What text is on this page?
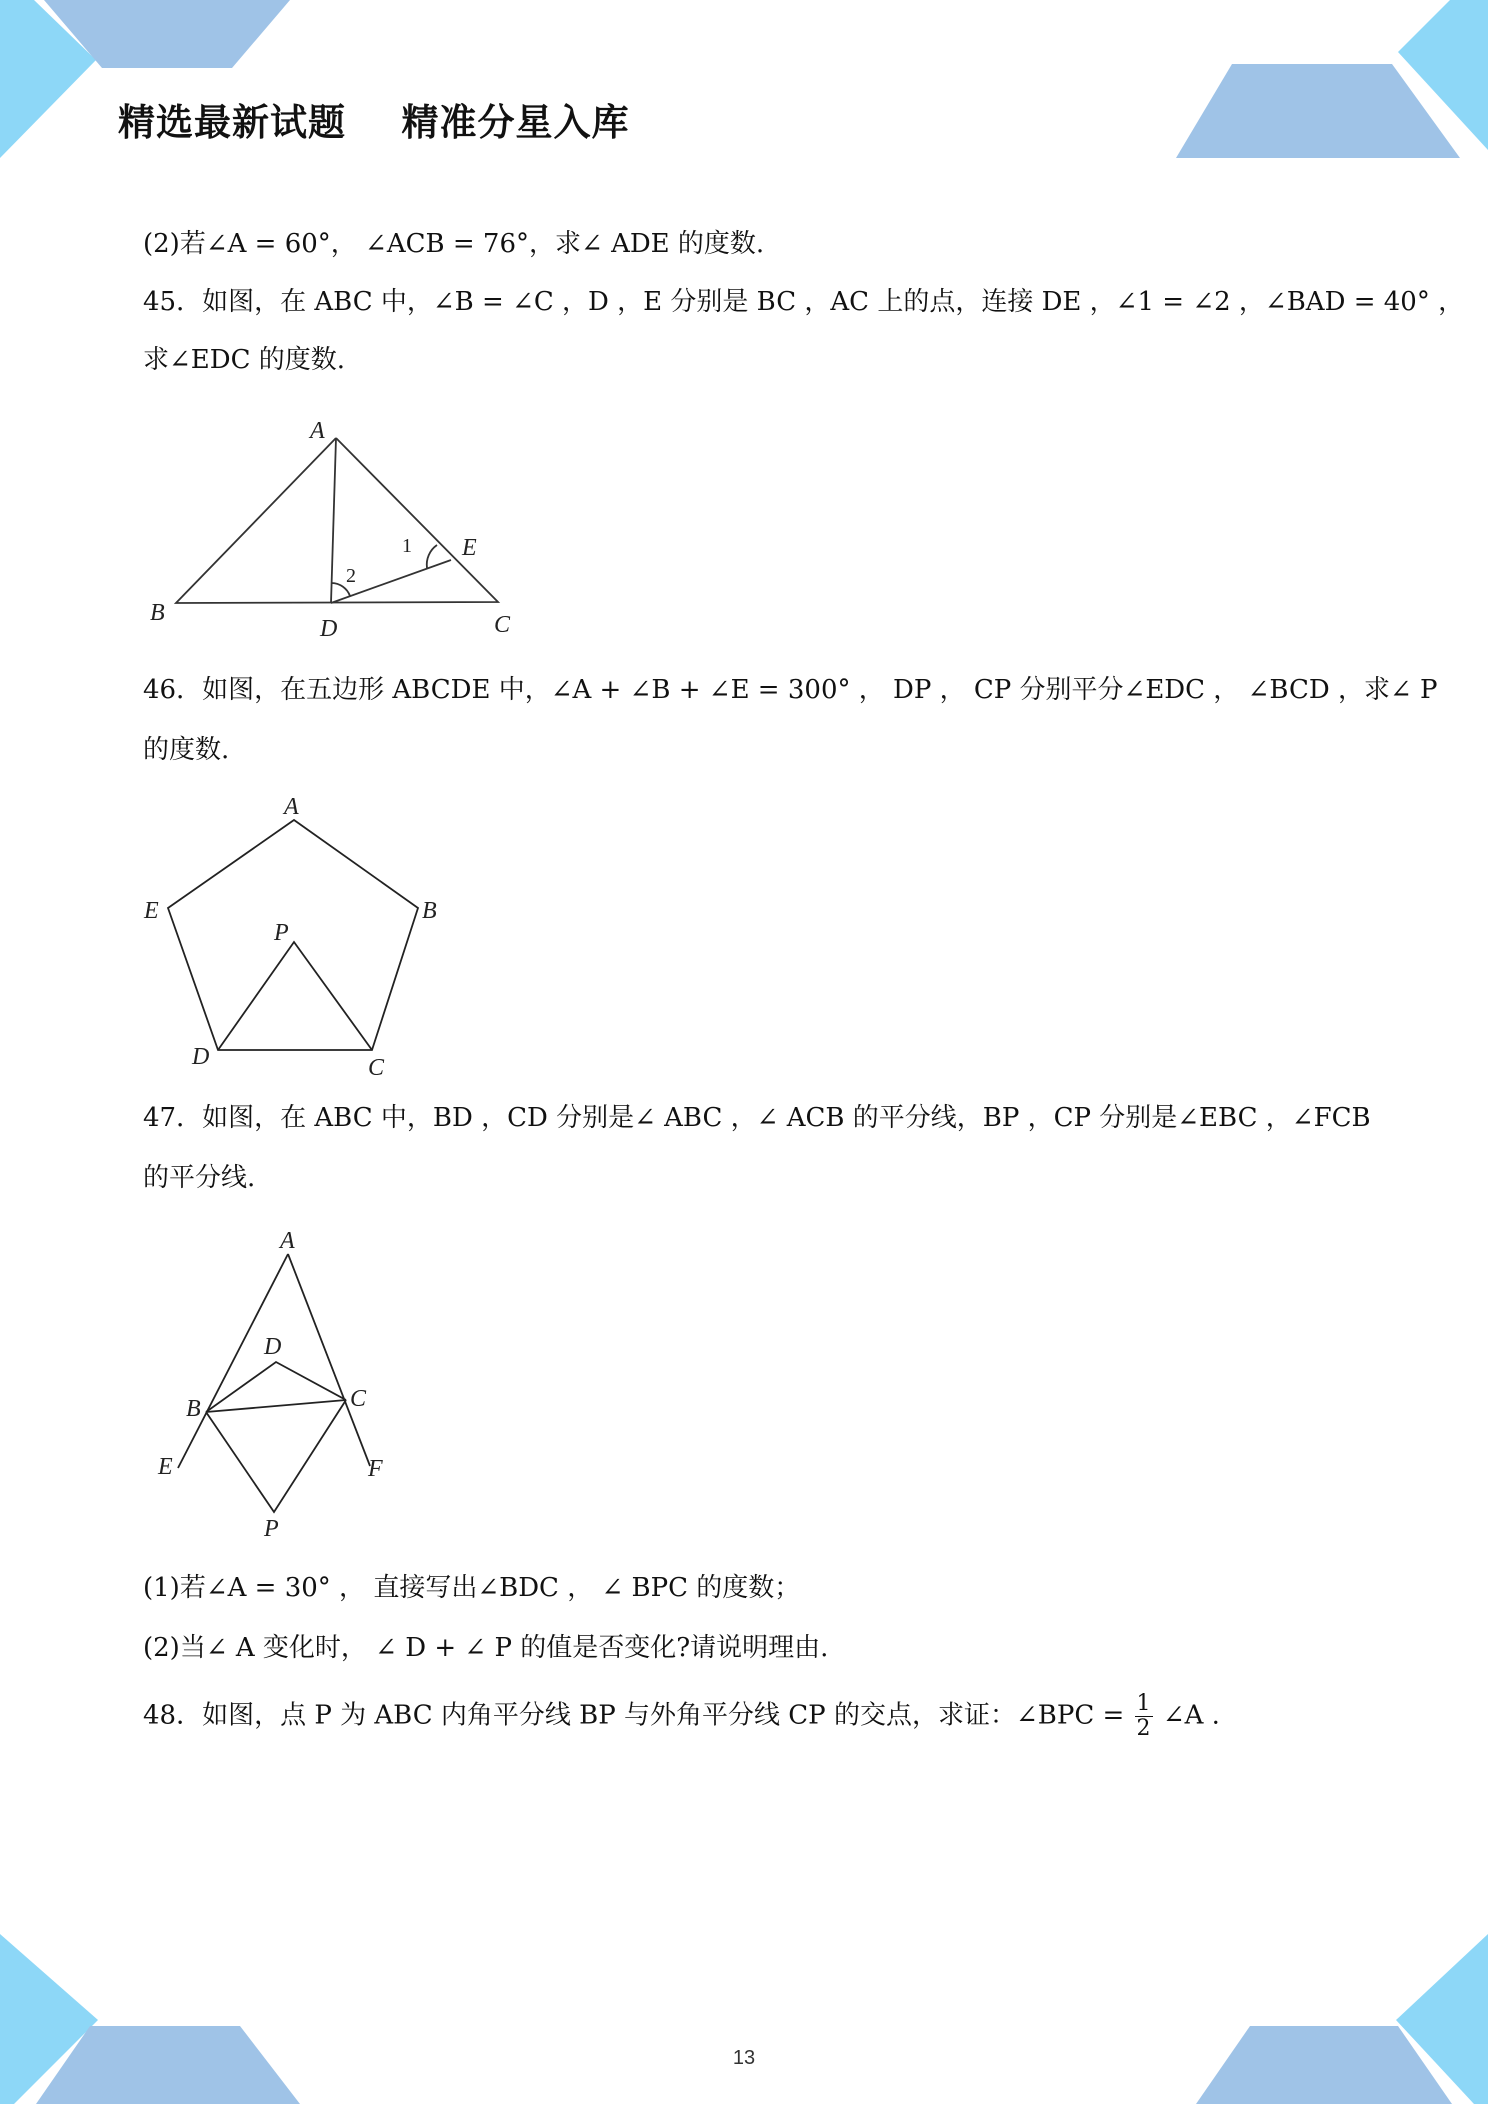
精选最新试题    精准分星入库
(2)若∠A = 60°， ∠ACB = 76°，求∠ ADE 的度数.
45．如图，在 ABC 中，∠B = ∠C ，D ，E 分别是 BC ，AC 上的点，连接 DE ，∠1 = ∠2 ，∠BAD = 40° ，
求∠EDC 的度数.
A
B	C
D
E
1
2
46．如图，在五边形 ABCDE 中，∠A + ∠B + ∠E = 300° ， DP ， CP 分别平分∠EDC ， ∠BCD ，求∠ P
的度数.
A
B
C
D
E
P
47．如图，在 ABC 中，BD ，CD 分别是∠ ABC ，∠ ACB 的平分线，BP ，CP 分别是∠EBC ，∠FCB
的平分线.
A
B	C
D
E	F
P
(1)若∠A = 30° ， 直接写出∠BDC ， ∠ BPC 的度数；
(2)当∠ A 变化时， ∠ D + ∠ P 的值是否变化?请说明理由.
48．如图，点 P 为 ABC 内角平分线 BP 与外角平分线 CP 的交点，求证：∠BPC = $\frac{1}{2}$ ∠A .
13
